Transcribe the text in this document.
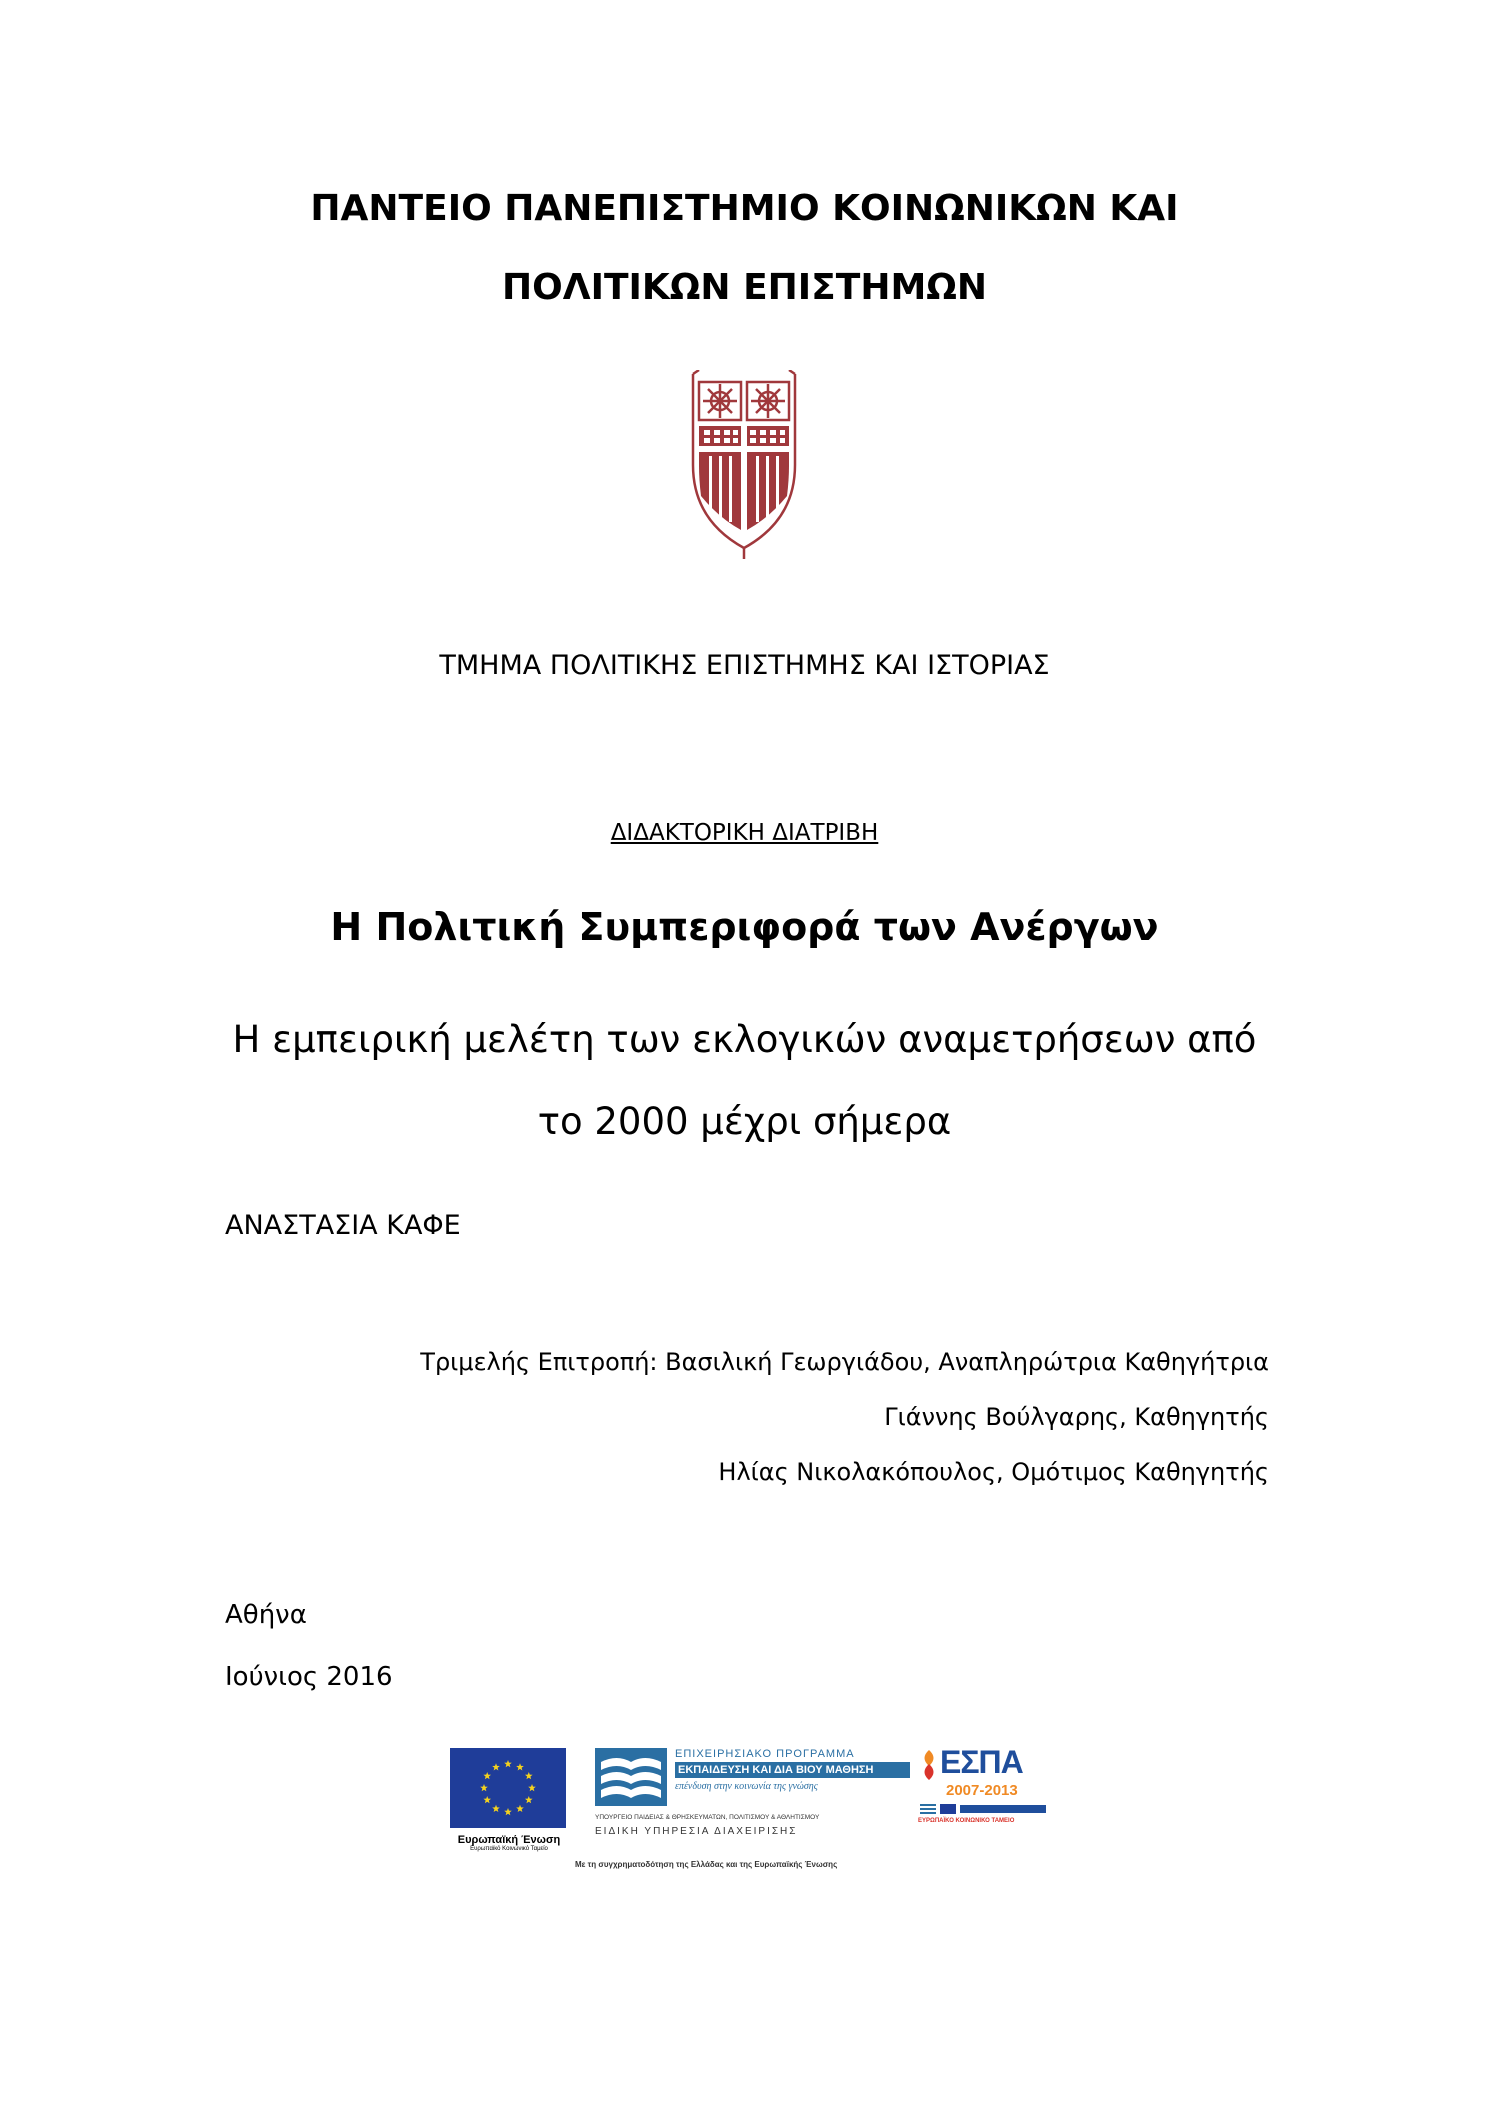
ΠΑΝΤΕΙΟ ΠΑΝΕΠΙΣΤΗΜΙΟ ΚΟΙΝΩΝΙΚΩΝ ΚΑΙ
ΠΟΛΙΤΙΚΩΝ ΕΠΙΣΤΗΜΩΝ
ΤΜΗΜΑ ΠΟΛΙΤΙΚΗΣ ΕΠΙΣΤΗΜΗΣ ΚΑΙ ΙΣΤΟΡΙΑΣ
ΔΙΔΑΚΤΟΡΙΚΗ ΔΙΑΤΡΙΒΗ
Η Πολιτική Συμπεριφορά των Ανέργων
Η εμπειρική μελέτη των εκλογικών αναμετρήσεων από
το 2000 μέχρι σήμερα
ΑΝΑΣΤΑΣΙΑ ΚΑΦΕ
Τριμελής Επιτροπή: Βασιλική Γεωργιάδου, Αναπληρώτρια Καθηγήτρια
Γιάννης Βούλγαρης, Καθηγητής
Ηλίας Νικολακόπουλος, Ομότιμος Καθηγητής
Αθήνα
Ιούνιος 2016
Ευρωπαϊκή Ένωση
Ευρωπαϊκό Κοινωνικό Ταμείο
ΕΠΙΧΕΙΡΗΣΙΑΚΟ ΠΡΟΓΡΑΜΜΑ
ΕΚΠΑΙΔΕΥΣΗ ΚΑΙ ΔΙΑ ΒΙΟΥ ΜΑΘΗΣΗ
επένδυση στην κοινωνία της γνώσης
ΥΠΟΥΡΓΕΙΟ ΠΑΙΔΕΙΑΣ & ΘΡΗΣΚΕΥΜΑΤΩΝ, ΠΟΛΙΤΙΣΜΟΥ & ΑΘΛΗΤΙΣΜΟΥ
ΕΙΔΙΚΗ ΥΠΗΡΕΣΙΑ ΔΙΑΧΕΙΡΙΣΗΣ
Με τη συγχρηματοδότηση της Ελλάδας και της Ευρωπαϊκής Ένωσης
ΕΣΠΑ
2007-2013
ΕΥΡΩΠΑΪΚΟ ΚΟΙΝΩΝΙΚΟ ΤΑΜΕΙΟ
